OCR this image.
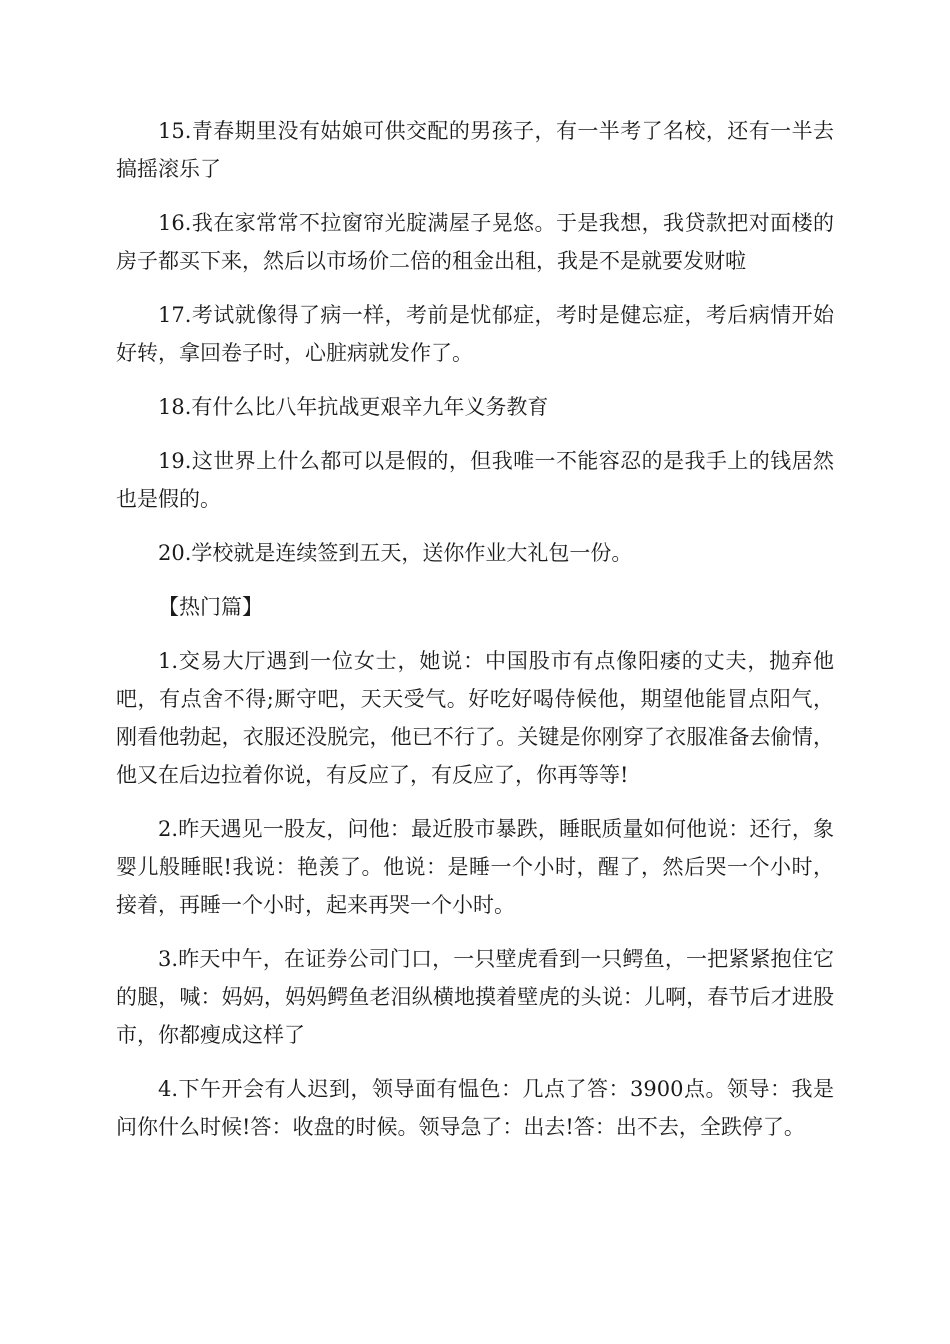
15.青春期里没有姑娘可供交配的男孩子，有一半考了名校，还有一半去搞摇滚乐了

16.我在家常常不拉窗帘光腚满屋子晃悠。于是我想，我贷款把对面楼的房子都买下来，然后以市场价二倍的租金出租，我是不是就要发财啦

17.考试就像得了病一样，考前是忧郁症，考时是健忘症，考后病情开始好转，拿回卷子时，心脏病就发作了。

18.有什么比八年抗战更艰辛九年义务教育

19.这世界上什么都可以是假的，但我唯一不能容忍的是我手上的钱居然也是假的。

20.学校就是连续签到五天，送你作业大礼包一份。

【热门篇】

1.交易大厅遇到一位女士，她说：中国股市有点像阳痿的丈夫，抛弃他吧，有点舍不得;厮守吧，天天受气。好吃好喝侍候他，期望他能冒点阳气，刚看他勃起，衣服还没脱完，他已不行了。关键是你刚穿了衣服准备去偷情，他又在后边拉着你说，有反应了，有反应了，你再等等!

2.昨天遇见一股友，问他：最近股市暴跌，睡眠质量如何他说：还行，象婴儿般睡眠!我说：艳羡了。他说：是睡一个小时，醒了，然后哭一个小时，接着，再睡一个小时，起来再哭一个小时。

3.昨天中午，在证券公司门口，一只壁虎看到一只鳄鱼，一把紧紧抱住它的腿，喊：妈妈，妈妈鳄鱼老泪纵横地摸着壁虎的头说：儿啊，春节后才进股市，你都瘦成这样了

4.下午开会有人迟到，领导面有愠色：几点了答：3900点。领导：我是问你什么时候!答：收盘的时候。领导急了：出去!答：出不去，全跌停了。
